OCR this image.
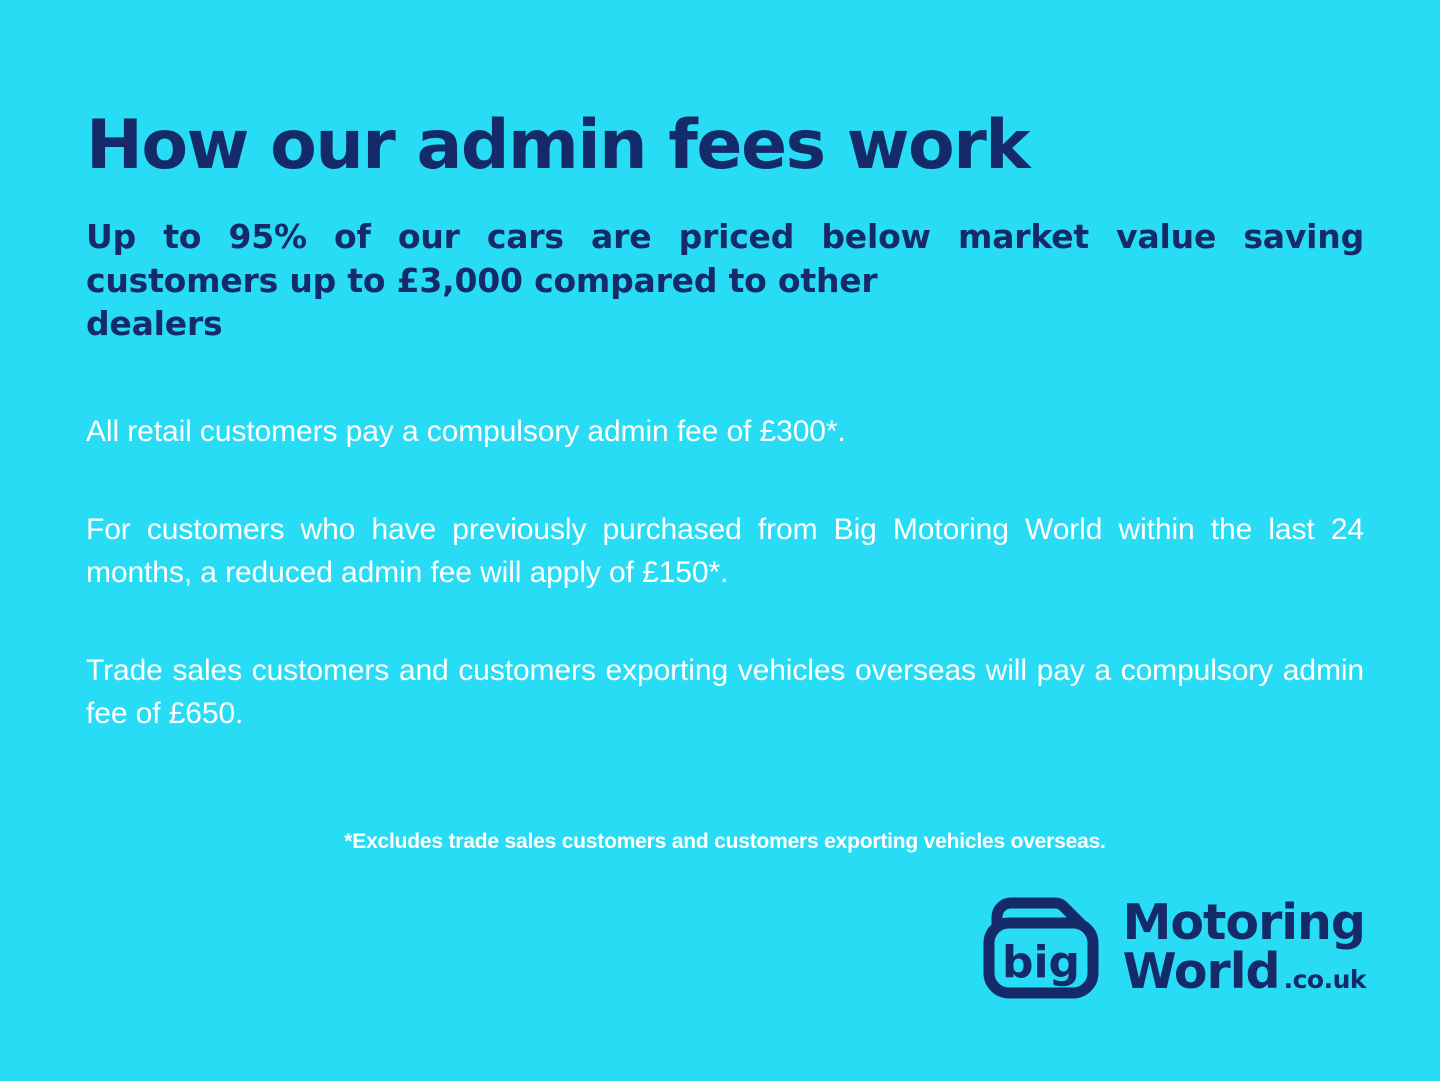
How our admin fees work

Up to 95% of our cars are priced below market value saving customers up to £3,000 compared to other
dealers

All retail customers pay a compulsory admin fee of £300*.

For customers who have previously purchased from Big Motoring World within the last 24 months, a reduced admin fee will apply of £150*.

Trade sales customers and customers exporting vehicles overseas will pay a compulsory admin fee of £650.

*Excludes trade sales customers and customers exporting vehicles overseas.
big
Motoring
World .co.uk
